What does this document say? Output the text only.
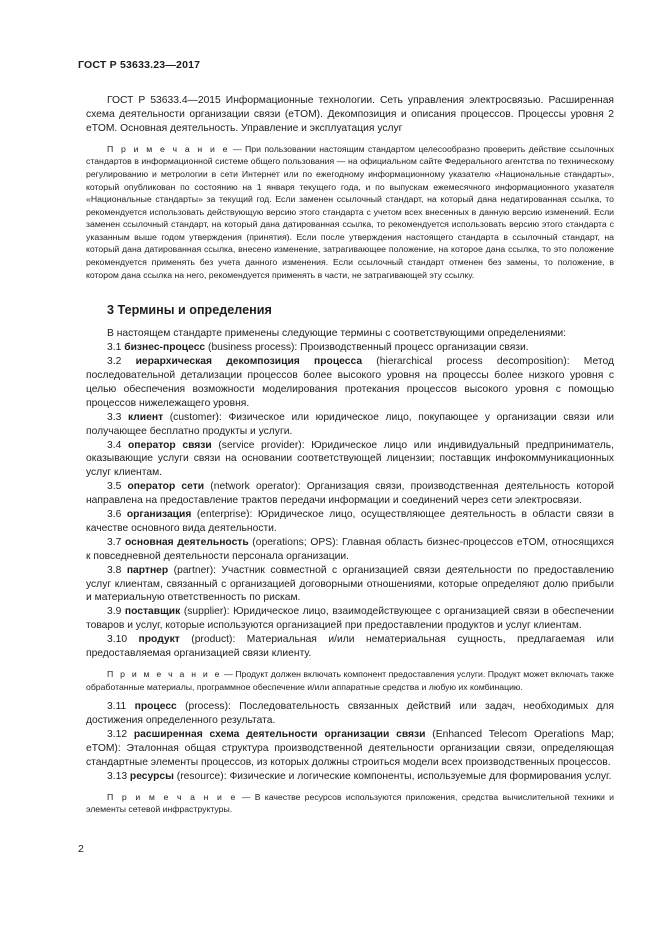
ГОСТ Р 53633.23—2017

ГОСТ Р 53633.4—2015 Информационные технологии. Сеть управления электросвязью. Расширенная схема деятельности организации связи (eTOM). Декомпозиция и описания процессов. Процессы уровня 2 eTOM. Основная деятельность. Управление и эксплуатация услуг

П р и м е ч а н и е — При пользовании настоящим стандартом целесообразно проверить действие ссылочных стандартов в информационной системе общего пользования — на официальном сайте Федерального агентства по техническому регулированию и метрологии в сети Интернет или по ежегодному информационному указателю «Национальные стандарты», который опубликован по состоянию на 1 января текущего года, и по выпускам ежемесячного информационного указателя «Национальные стандарты» за текущий год. Если заменен ссылочный стандарт, на который дана недатированная ссылка, то рекомендуется использовать действующую версию этого стандарта с учетом всех внесенных в данную версию изменений. Если заменен ссылочный стандарт, на который дана датированная ссылка, то рекомендуется использовать версию этого стандарта с указанным выше годом утверждения (принятия). Если после утверждения настоящего стандарта в ссылочный стандарт, на который дана датированная ссылка, внесено изменение, затрагивающее положение, на которое дана ссылка, то это положение рекомендуется применять без учета данного изменения. Если ссылочный стандарт отменен без замены, то положение, в котором дана ссылка на него, рекомендуется применять в части, не затрагивающей эту ссылку.

3 Термины и определения

В настоящем стандарте применены следующие термины с соответствующими определениями:

3.1 бизнес-процесс (business process): Производственный процесс организации связи.

3.2 иерархическая декомпозиция процесса (hierarchical process decomposition): Метод последовательной детализации процессов более высокого уровня на процессы более низкого уровня с целью обеспечения возможности моделирования протекания процессов высокого уровня с помощью процессов нижележащего уровня.

3.3 клиент (customer): Физическое или юридическое лицо, покупающее у организации связи или получающее бесплатно продукты и услуги.

3.4 оператор связи (service provider): Юридическое лицо или индивидуальный предприниматель, оказывающие услуги связи на основании соответствующей лицензии; поставщик инфокоммуникационных услуг клиентам.

3.5 оператор сети (network operator): Организация связи, производственная деятельность которой направлена на предоставление трактов передачи информации и соединений через сети электросвязи.

3.6 организация (enterprise): Юридическое лицо, осуществляющее деятельность в области связи в качестве основного вида деятельности.

3.7 основная деятельность (operations; OPS): Главная область бизнес-процессов eTOM, относящихся к повседневной деятельности персонала организации.

3.8 партнер (partner): Участник совместной с организацией связи деятельности по предоставлению услуг клиентам, связанный с организацией договорными отношениями, которые определяют долю прибыли и материальную ответственность по рискам.

3.9 поставщик (supplier): Юридическое лицо, взаимодействующее с организацией связи в обеспечении товаров и услуг, которые используются организацией при предоставлении продуктов и услуг клиентам.

3.10 продукт (product): Материальная и/или нематериальная сущность, предлагаемая или предоставляемая организацией связи клиенту.

П р и м е ч а н и е — Продукт должен включать компонент предоставления услуги. Продукт может включать также обработанные материалы, программное обеспечение и/или аппаратные средства и любую их комбинацию.

3.11 процесс (process): Последовательность связанных действий или задач, необходимых для достижения определенного результата.

3.12 расширенная схема деятельности организации связи (Enhanced Telecom Operations Map; eTOM): Эталонная общая структура производственной деятельности организации связи, определяющая стандартные элементы процессов, из которых должны строиться модели всех производственных процессов.

3.13 ресурсы (resource): Физические и логические компоненты, используемые для формирования услуг.

П р и м е ч а н и е — В качестве ресурсов используются приложения, средства вычислительной техники и элементы сетевой инфраструктуры.

2
